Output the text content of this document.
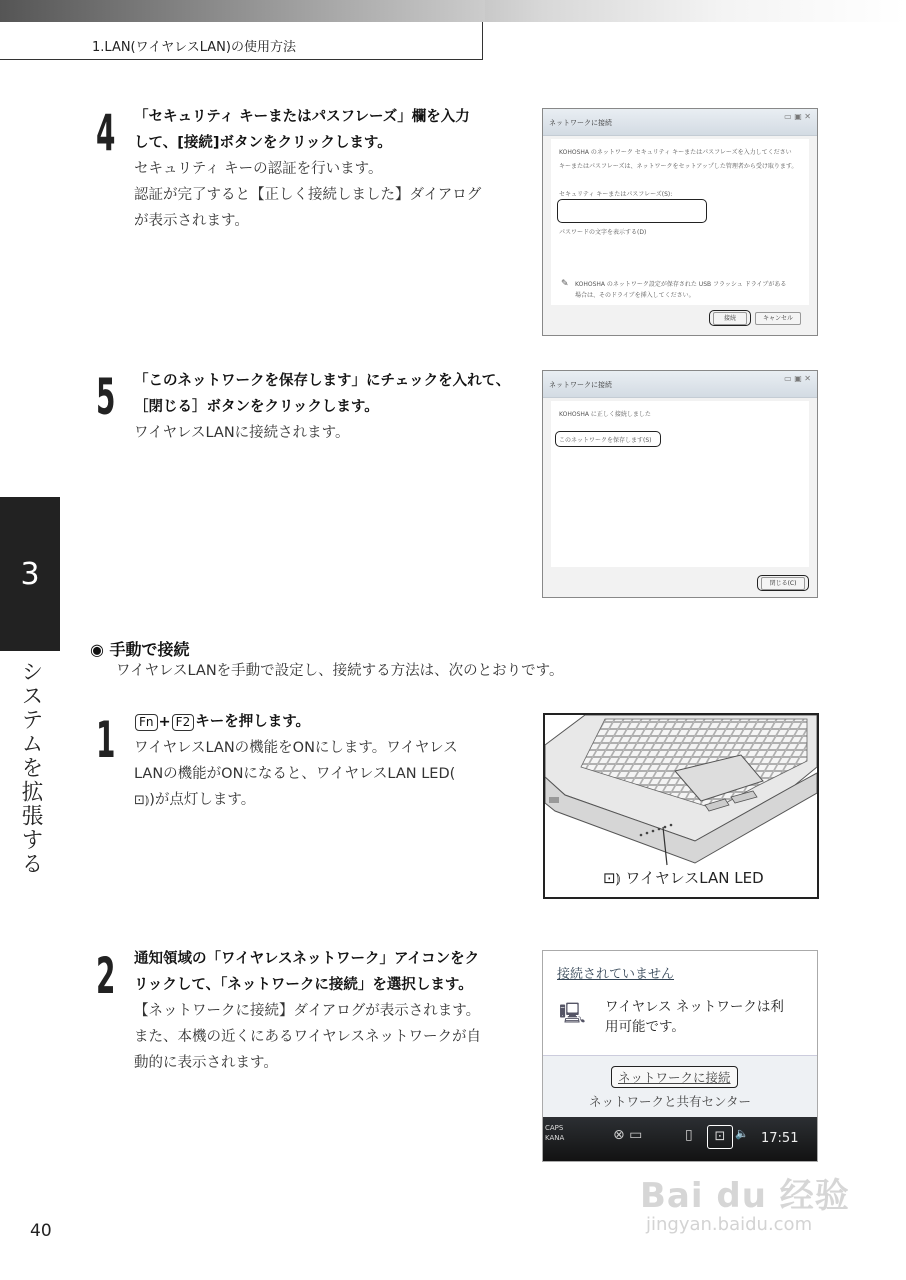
1.LAN(ワイヤレスLAN)の使用方法
3
システムを拡張する
4 「セキュリティ キーまたはパスフレーズ」欄を入力
して、[接続]ボタンをクリックします。
セキュリティ キーの認証を行います。
認証が完了すると【正しく接続しました】ダイアログ
が表示されます。
ネットワークに接続
▭ ▣ ✕
KOHOSHA のネットワーク セキュリティ キーまたはパスフレーズを入力してください
キーまたはパスフレーズは、ネットワークをセットアップした管理者から受け取ります。
セキュリティ キーまたはパスフレーズ(S):
パスワードの文字を表示する(D)
✎ KOHOSHA のネットワーク設定が保存された USB フラッシュ ドライブがある
場合は、そのドライブを挿入してください。
接続	キャンセル
5 「このネットワークを保存します」にチェックを入れて、
［閉じる］ボタンをクリックします。
ワイヤレスLANに接続されます。
ネットワークに接続
▭ ▣ ✕
KOHOSHA に正しく接続しました
このネットワークを保存します(S)
閉じる(C)
◉ 手動で接続
ワイヤレスLANを手動で設定し、接続する方法は、次のとおりです。
1	Fn + F2 キーを押します。
ワイヤレスLANの機能をONにします。ワイヤレス
LANの機能がONになると、ワイヤレスLAN LED(
⊡⦆)が点灯します。
⊡⦆ ワイヤレスLAN LED
2 通知領域の「ワイヤレスネットワーク」アイコンをク
リックして、「ネットワークに接続」を選択します。
【ネットワークに接続】ダイアログが表示されます。
また、本機の近くにあるワイヤレスネットワークが自
動的に表示されます。
接続されていません
🖳 ワイヤレス ネットワークは利
用可能です。
ネットワークに接続
ネットワークと共有センター
CAPS
KANA	⊗ ▭	▯	⊡ 🔈 17:51
Bai du 经验
jingyan.baidu.com
40
